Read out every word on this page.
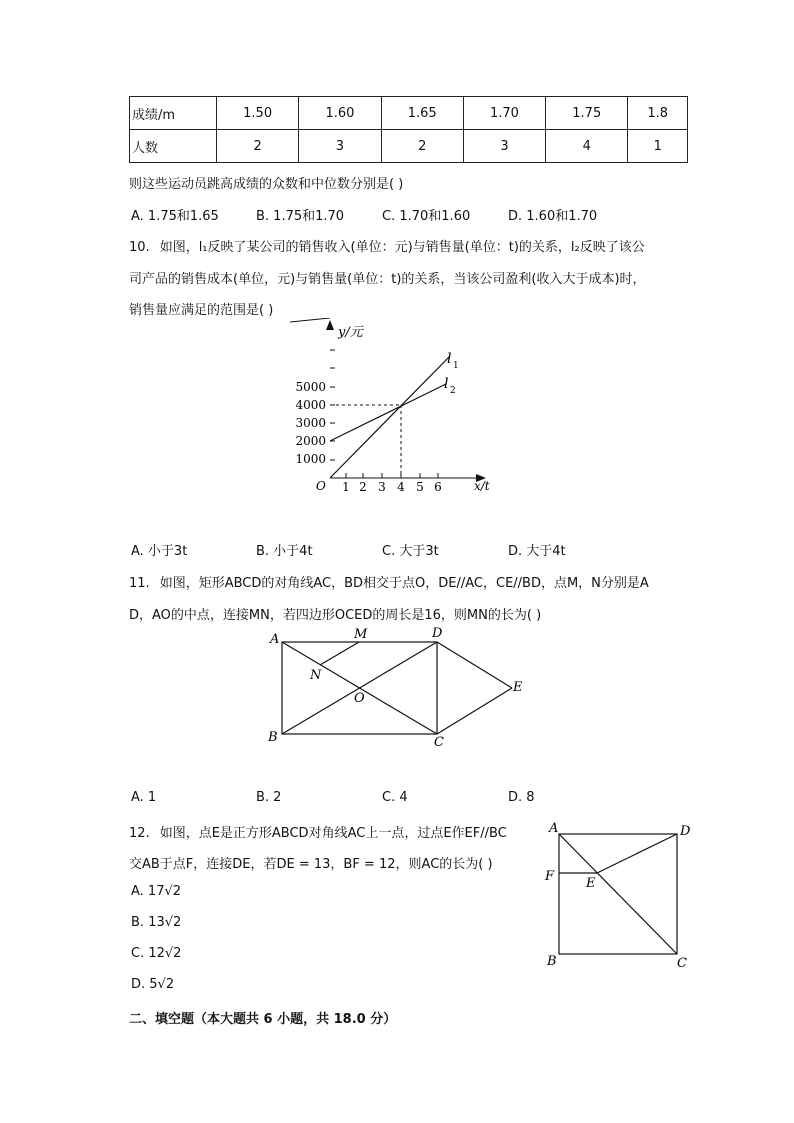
成绩/m	1.50	1.60	1.65	1.70	1.75	1.8
人数	2	3	2	3	4	1
则这些运动员跳高成绩的众数和中位数分别是( )
A. 1.75和1.65	B. 1.75和1.70	C. 1.70和1.60	D. 1.60和1.70
10. 如图，l₁反映了某公司的销售收入(单位：元)与销售量(单位：t)的关系，l₂反映了该公
司产品的销售成本(单位，元)与销售量(单位：t)的关系，当该公司盈利(收入大于成本)时，
销售量应满足的范围是( )
y/元
x/t
O
1000
2000
3000
4000
5000
1 2 3 4 5 6
l 1
l 2
A. 小于3t	B. 小于4t	C. 大于3t	D. 大于4t
11. 如图，矩形ABCD的对角线AC，BD相交于点O，DE//AC，CE//BD，点M，N分别是A
D，AO的中点，连接MN，若四边形OCED的周长是16，则MN的长为( )
A
B	C
D
E
M
N
O
A. 1	B. 2	C. 4	D. 8
12. 如图，点E是正方形ABCD对角线AC上一点，过点E作EF//BC
交AB于点F，连接DE，若DE = 13，BF = 12，则AC的长为( )
A. 17√2
B. 13√2
C. 12√2
D. 5√2
A
B	C
D
E
F
二、填空题（本大题共 6 小题，共 18.0 分）
